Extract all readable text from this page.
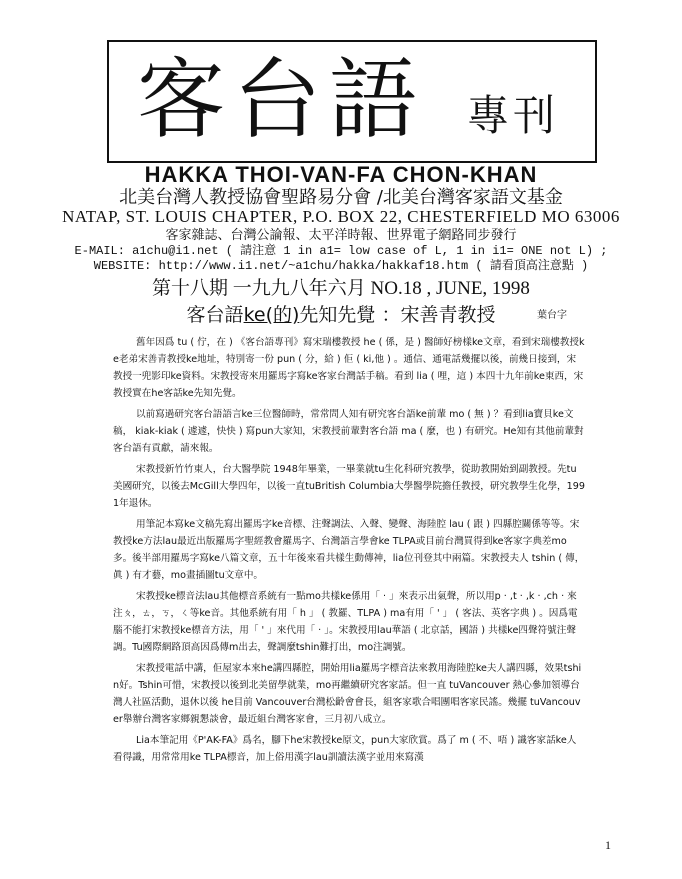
客台語 專刊
HAKKA THOI-VAN-FA CHON-KHAN
北美台灣人教授協會聖路易分會 /北美台灣客家語文基金
NATAP, ST. LOUIS CHAPTER, P.O. BOX 22, CHESTERFIELD MO 63006
客家雜誌、台灣公論報、太平洋時報、世界電子網路同步發行
E-MAIL: a1chu@i1.net ( 請注意 1 in a1= low case of L, 1 in i1= ONE not L) ;
WEBSITE: http://www.i1.net/~a1chu/hakka/hakkaf18.htm ( 請看頂高注意點 )
第十八期 一九九八年六月 NO.18 , JUNE, 1998
客台語ke(的)先知先覺 ：宋善青教授	葉台字

舊年因爲 tu ( 佇，在 ) 《客台語專刊》寫宋瑞樓教授 he ( 係，是 ) 醫師好榜樣ke文章，看到宋瑞樓教授ke老弟宋善青教授ke地址，特別寄一份 pun ( 分，給 ) 佢 ( ki,他 ) 。通信、通電話幾擺以後，前幾日接到，宋教授一兜影印ke資料。宋教授寄來用羅馬字寫ke客家台灣話手稿。看到 lia ( 哩，這 ) 本四十九年前ke東西，宋教授實在he客話ke先知先覺。

以前寫過研究客台語語言ke三位醫師時，常常問人知有研究客台語ke前輩 mo ( 無 ) ？看到lia寶貝ke文稿， kiak-kiak ( 遽遽，快快 ) 寫pun大家知，宋教授前輩對客台語 ma ( 麼，也 ) 有研究。He知有其他前輩對客台語有貢獻，請來報。

宋教授新竹竹東人，台大醫學院 1948年畢業，一畢業就tu生化科研究教學，從助教開始到副教授。先tu美國研究，以後去McGill大學四年，以後一直tuBritish Columbia大學醫學院擔任教授，研究教學生化學，1991年退休。

用筆記本寫ke文稿先寫出羅馬字ke音標、注聲調法、入聲、變聲、海陸腔 lau ( 跟 ) 四縣腔關係等等。宋教授ke方法lau最近出版羅馬字聖經教會羅馬字、台灣語言學會ke TLPA或目前台灣買得到ke客家字典差mo多。後半部用羅馬字寫ke八篇文章，五十年後來看共樣生動傳神，lia位刊登其中兩篇。宋教授夫人 tshin ( 傳，眞 ) 有才藝，mo畫插圖tu文章中。

宋教授ke標音法lau其他標音系統有一點mo共樣ke係用「 · 」來表示出氣聲，所以用p · ,t · ,k · ,ch · 來注ㄆ，ㄊ，ㄎ，ㄑ等ke音。其他系統有用「 h 」 ( 教羅、TLPA ) ma有用「 ' 」 ( 客法、英客字典 ) 。因爲電腦不能打宋教授ke標音方法，用「 ' 」來代用「 · 」。宋教授用lau華語 ( 北京話，國語 ) 共樣ke四聲符號注聲調。Tu國際網路頂高因爲傳m出去，聲調麼tshin難打出，mo注調號。

宋教授電話中講，佢屋家本來he講四縣腔，開始用lia羅馬字標音法來教用海陸腔ke夫人講四縣，效果tshin好。Tshin可惜，宋教授以後到北美留學就業，mo再繼續研究客家話。但一直 tuVancouver 熱心參加領導台灣人社區活動，退休以後 he目前 Vancouver台灣松齡會會長，組客家歌合唱團唱客家民謠。幾擺 tuVancouver舉辦台灣客家鄉親懇談會，最近組台灣客家會，三月初八成立。

Lia本筆記用《P'AK-FA》爲名，腳下he宋教授ke原文，pun大家欣賞。爲了 m ( 不、唔 ) 識客家話ke人看得識，用常常用ke TLPA標音，加上俗用漢字lau訓讀法漢字並用來寫漢

1
